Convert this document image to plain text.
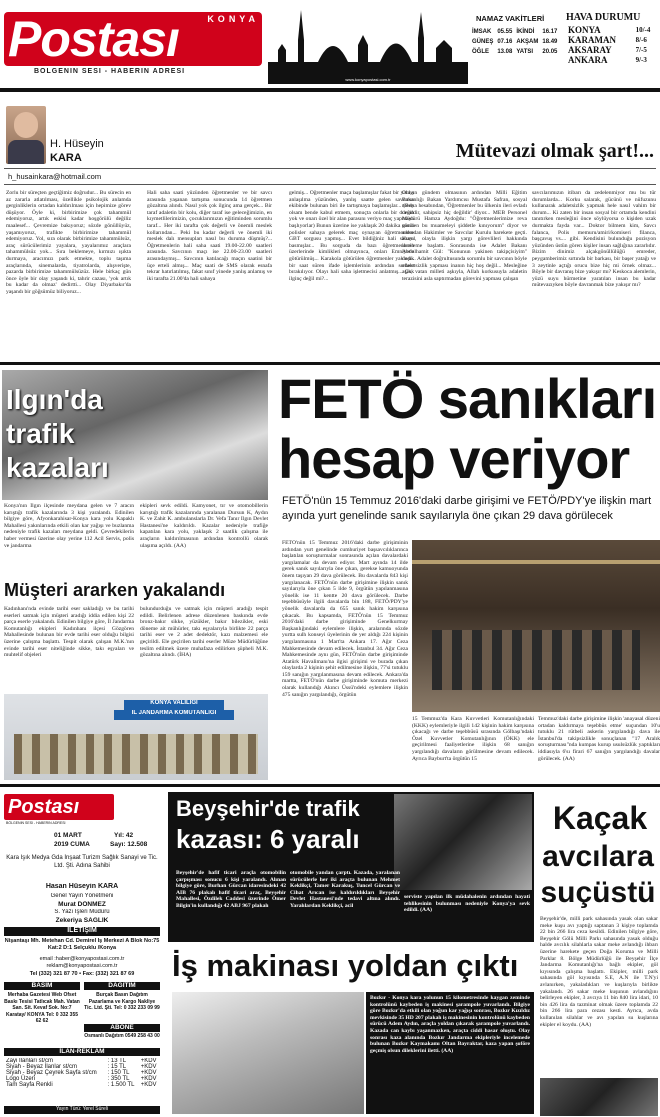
Postası	KONYA
BÖLGENİN SESİ - HABERİN ADRESİ
www.konyapostasi.com.tr
NAMAZ VAKİTLERİ
İMSAK	05.55	İKİNDİ	16.17
GÜNEŞ	07.16	AKŞAM	18.49
ÖĞLE	13.08	YATSI	20.05
HAVA DURUMU
KONYA	10/-4
KARAMAN	8/-6
AKSARAY	7/-5
ANKARA	9/-3
H. Hüseyin
KARA	Mütevazi olmak şart!...
h_husainkara@hotmail.com
Zorlu bir süreçten geçtiğimiz doğrudur... Bu sürecin en az zararla atlatılması, özellikle psikolojik anlamda gerginliklerin ortadan kaldırılması için hepimize görev düşüyor. Öyle ki, birbirimize çok tahammül edemiyoruz, artık eskisi kadar hoşgörülü değiliz maalesef... Çevremize bakıyoruz; sözde gönüllüyüz, yaşamıyoruz, trafikte birbirimize tahammül edemiyoruz. Yol, sıra olarak birbirimize tahammülsüz, araç sürücülerimiz yayalara, yayalarımız araçlara tahammülsüz yok... Sıra beklemeye, kırmızı ışıkta durmaya, aracımızı park etmekte, toplu taşıma araçlarında, sinemalarda, tiyatrolarda, alışverişte, pazarda birbirimize tahammülsüzüz. Hele birkaç gün önce öyle bir olay yaşandı ki, tahrir cazası, 'yok artık bu kadar da olmaz' dedirtti... Olay Diyarbakır'da yaşandı bir göğsümüz biliyoruz...
Hali saha saati yüzünden öğretmenler ve bir savcı arasında yaşanan tartışma sonucunda 14 öğretmen gözaltına alındı. Nasıl yok çok ilginç ama gerçek... Bir taraf adaletin bir kolu, diğer taraf ise geleceğimizin, en kıymetlilerimizin, çocuklarımızın eğitiminden sorumlu taraf... Her iki tarafta çok değerli ve önemli meslek kollarından... Peki bu kadar değerli ve önemli iki meslek dalı mensupları nasıl bu duruma düşmüş?... Öğretmenlerin hali saha saati 19.00-22.00 saatleri arasında. Savcının maçı ise 22.00-23.00 saatleri arasındaymış... Savcının katılacağı maçın saatini bir üçe erteli almış... Maç saati de SMS olarak esnafa tekrar hatırlatılmış, fakat sınıf yinede yanlış anlamış ve iki tarafta 21.00'da hali sahaya
gelmiş... Öğretmenler maça başlamışlar fakat bir yanlış anlaşılma yüzünden, yanlış saatte gelen savcının ekibinde bulunan biri ile tartışmaya başlamışlar... (Ben olsam bende kabul etmem, sonuçta onlarla bir durum yok ve onarı özel bir alan parasını veriyo maç yapmaya başlıyorlar) Bunun üzerine ise yaklaşık 20 dakika sonra polisler sahaya gelerek maç oynayan öğretmenlere GBT sorgusu yapmış... Evet bildiğiniz hali sahayı basmışlar... Bu sorguda da bazı öğretmenlerin üzerlerinde kimlikleri olmayınca, onları Emniyet'e götürülmüş... Karakola götürülen öğretmenler yaklaşık bir saat süren ifade işlemlerinin ardından serbest bırakılıyor. Olayı hali saha işletmecisi anlatmış... Çok ilginç değil mi?...
Olayın gündem olmasının ardından Milli Eğitim Bakanlığı Bakan Yardımcısı Mustafa Safran, sosyal medya hesabından, 'Öğretmenler bu ülkenin ileri evladı değildir, sahipsiz hiç değildir' diyor... MEB Personel Müdürü Hamza Aydoğdu: "Öğretmenlerimize reva görülen bu muameleyi şiddetle kınıyorum" diyor ve ardından Hakimler ve Savcılar Kurulu harekete geçti. Kurul, olayla ilişkin yargı görevlileri hakkında inceleme başlattı. Sonrasında ise Adalet Bakanı Abdulhamit Gül: "Konunun yakinen takipçisiyim" dedi... Adalet doğrultusunda sorumlu bir savcının böyle adaletsizlik yapması inanın hiç hoş değil... Mesleğine aşık, vatan milleti aşkıyla, Allah korkusuyla adaletin terazisini asla saptırmadan görevini yapması çalışan
savcılarımızın itibarı da zedelenmiyor mu bu tür durumlarda... Korku salarak, gücünü ve nüfuzunu kullanarak adaletsizlik yapmak hele nasıl vahim bir durum... Ki zaten bir insan sosyal bir ortamda kendini tanıtırken mesleğini önce söylüyorsa o kişiden uzak durmakta fayda var... Doktor bilmem kim, Savcı falanca, Polis memuru/amiri/komiseri filanca, başçavuş vs.... gibi. Kendisini bulunduğu pozisyon yüzünden üstün gören kişiler insan sağlığına zararlıdır. Bizim dinimiz alçakgönüllülüğü emreder, peygamberimiz sırtında bir barkası, bir başer yatağı ve 3 zeytinle açtığı orucu bize hiç mi örnek olmaz... Böyle bir davranış bize yakışır mı? Keskoca alemlerin, yüzü suyu hürmetine yaratılan insan bu kadar mütevazıyken böyle davranmak bize yakışır mı?
Ilgın'da
trafik
kazaları
Konya'nın Ilgın ilçesinde meydana gelen ve 7 aracın karıştığı trafik kazalarında 3 kişi yaralandı. Edinilen bilgiye göre, Afyonkarahisar-Konya kara yolu Kapaklı Mahallesi yakınlarında etkili olan kar yağışı ve buzlanma nedeniyle trafik kazaları meydana geldi. Çevredekilerin haber vermesi üzerine olay yerine 112 Acil Servis, polis ve jandarma
ekipleri sevk edildi. Kamyonet, tır ve otomobillerin karıştığı trafik kazalarında yaralanan Dursun K, Aydın K. ve Zahit K. ambulanslarla Dr. Vefa Tanır Ilgın Devlet Hastanesi'ne kaldırıldı. Kazalar nedeniyle trafiğe kapatılan kara yolu, yaklaşık 2 saatlik çalışma ile araçların kaldırılmasının ardından kontrollü olarak ulaşıma açıldı. (AA)
Müşteri ararken yakalandı
Kadınhanı'nda evinde tarihi eser sakladığı ve bu tarihi eserleri satmak için müşteri aradığı iddia edilen kişi 22 parça eserle yakalandı. Edinilen bilgiye göre, İl Jandarma Komutanlığı ekipleri Kadınhanı ilçesi Gözgören Mahallesinde bulunan bir evde tarihi eser olduğu bilgisi üzerine çalışma başlattı. Tespit olarak çalışan M.K.'nın evinde tarihi eser niteliğinde sikke, takı eşyaları ve muhtelif objeleri
bulundurduğu ve satmak için müşteri aradığı tespit edildi. Belirlenen adrese düzenlenen baskında evde bronz-bakır sikke, yüzükler, bakır bilezikler, eski döneme ait mühürler, takı eşyalarıyla birlikte 22 parça tarihi eser ve 2 adet dedektör, kazı malzemesi ele geçirildi. Ele geçirilen tarihi eserler Müze Müdürlüğüne teslim edilmek üzere muhafaza edilirken şüpheli M.K. gözaltına alındı. (İHA)
KONYA VALİLİĞİ
İL JANDARMA KOMUTANLIĞI
FETÖ sanıkları
hesap veriyor
FETÖ'nün 15 Temmuz 2016'daki darbe girişimi ve FETÖ/PDY'ye ilişkin mart ayında yurt genelinde sanık sayılarıyla öne çıkan 29 dava görülecek
FETÖ'nün 15 Temmuz 2016'daki darbe girişiminin ardından yurt genelinde cumhuriyet başsavcılıklarınca başlatılan soruşturmalar sonrasında açılan davalardaki yargılamalar da devam ediyor. Mart ayında 14 ilde gerek sanık sayılarıyla öne çıkan, gerekse kamuoyunda önem taşıyan 29 dava görülecek. Bu davalarda 843 kişi yargılanacak. FETÖ'nün darbe girişimine ilişkin sanık sayılarıyla öne çıkan 5 ilde 9, örgütün yapılanmasına yönelik ise 11 kentte 20 dava görülecek. Darbe teşebbüsüyle ilgili davalarda bin 188, FETÖ/PDY'ye yönelik davalarda da 655 sanık hakim karşısına çıkacak. Bu kapsamda, FETÖ'nün 15 Temmuz 2016'daki darbe girişiminde Genelkurmay Başkanlığındaki eylemlere ilişkin, aralarında sözde yurtta sulh konseyi üyelerinin de yer aldığı 224 kişinin yargılanmasına 1 Mart'ta Ankara 17. Ağır Ceza Mahkemesinde devam edilecek. İstanbul 34. Ağır Ceza Mahkemesinde aynı gün, FETÖ'nün darbe girişiminde Atatürk Havalimanı'na ilgisi girişimi ve burada çıkan olaylarda 2 kişinin şehit edilmesine ilişkin, 77'si tutuklu 159 sanığın yargılanmasına devam edilecek. Ankara'da martta, FETÖ'nün darbe girişiminde komuta merkezi olarak kullandığı Akıncı Üssü'ndeki eylemlere ilişkin 475 sanığın yargılandığı, örgütün
15 Temmuz'da Kara Kuvvetleri Komutanlığındaki (KKK) eylemleriyle ilgili 142 kişinin hakim karşısına çıkacağı ve darbe teşebbüsü sırasında Gölbaşı'ndaki Özel Kuvvetler Komutanlığının (ÖKK) ele geçirilmesi faaliyetlerine ilişkin 68 sanığın yargılandığı davaların görülmesine devam edilecek. Ayrıca Bayburt'ta örgütün 15
Temmuz'daki darbe girişimine ilişkin 'anayasal düzeni ortadan kaldırmaya teşebbüs etme' suçundan 10'u tutuklu 21 rütbeli askerin yargılandığı dava ile İstanbul'da takipsizlikle sonuçlanan "17 Aralık soruşturması"nda kumpas kurup usulsüzlük yaptıkları iddiasıyla 6'sı firari 67 sanığın yargılandığı davalar görülecek. (AA)
Postası
BÖLGENİN SESİ - HABERİN ADRESİ
01 MART	Yıl: 42
2019 CUMA	Sayı: 12.508
Kara Işık Medya Gda İnşaat Turizm Sağlık Sanayi ve Tic. Ltd. Şti. Adına Sahibi
Hasan Hüseyin KARA
Genel Yayın Yönetmeni
Murat DÖNMEZ
S. Yazı İşleri Müdürü
Zekeriya SAĞLIK
İLETİŞİM
Nişantaşı Mh. Metehan Cd. Demirel İş Merkezi A Blok No:75 Kat:2 D:1 Selçuklu /Konya
email :haber@konyapostasi.com.tr
reklam@konyapostasi.com.tr
Tel (332) 321 87 70 • Fax: (332) 321 87 69
BASIM	DAĞITIM
Merhaba Gazetesi Web Ofset Baskı Tesisi Tatlıcak Mah. Vatan San. Sit. Kevaf Sok. No:7 Karatay/ KONYA Tel: 0 332 355 62 62
Burçak Basın Dağıtım Pazarlama ve Kargo Nakliye Tic. Ltd. Şti. Tel: 0 332 233 09 99
ABONE
Osmanlı Dağıtım 0549 258 43 00
İLAN-REKLAM
Zayi İlanları st/cm	: 13 TL	+KDV
Siyah - Beyaz İlanlar st/cm	: 15 TL	+KDV
Siyah - Beyaz Çeyrek Sayfa st/cm	: 150 TL	+KDV
Logo Üzeri	: 350 TL	+KDV
Tam Sayfa Renkli	: 1.500 TL	+KDV
Yayın Türü: Yerel Süreli
Beyşehir'de trafik
kazası: 6 yaralı
Beyşehir'de hafif ticari araçla otomobilin çarpışması sonucu 6 kişi yaralandı. Alınan bilgiye göre, Burhan Gürcan idaresindeki 42 AIB 76 plakalı hafif ticari araç, Beyşehir Mahallesi, Özdilek Caddesi üzerinde Ömer Bilgin'in kullandığı 42 ABJ 967 plakalı
otomobile yandan çarptı. Kazada, yaralanan sürücülerle her iki araçta bulunan Mehmet Keklikçi, Tamer Karakuş, Tuncel Gürcan ve Cihat Arıcan ise kaldırıldıkları Beyşehir Devlet Hastanesi'nde tedavi altına alındı. Yaralılardan Keklikçi, acil
serviste yapılan ilk müdahalenin ardından hayati tehlikesinin bulunması nedeniyle Konya'ya sevk edildi. (AA)
İş makinası yoldan çıktı
Bozkır - Konya kara yolunun 15 kilometresinde kaygan zeminde kontrolünü kaybeden iş makinesi şarampole yuvarlandı. Bilgiye göre Bozkır'da etkili olan yoğun kar yağışı sonrası, Bozkır Kızıldız mevkisinde 35 HD 207 plakalı iş makinesinin kontrolünü kaybeden sürücü Adem Aydın, araçla yoldan çıkarak şarampole yuvarlandı. Kazada can kaybı yaşanmazken, araçta ciddi hasar oluştu. Olay sonrası kaza alanında Bozkır Jandarma ekipleriyle incelemede bulunan Bozkır Kaymakamı Oltan Bayraktar, kaza yapan şoföre geçmiş olsun dileklerini iletti. (AA)
Kaçak
avcılara
suçüstü
Beyşehir'de, milli park sahasında yasak olan sakar meke kuşu avı yaptığı saptanan 3 kişiye toplamda 22 bin 266 lira ceza kesildi. Edinilen bilgiye göre, Beyşehir Gölü Milli Parkı sahasında yasak olduğu halde avcılık silahlarla sakar meke avlandığı ihbarı üzerine harekete geçen Doğa Koruma ve Milli Parklar 8. Bölge Müdürlüğü ile Beyşehir İlçe Jandarma Komutanlığı'na bağlı ekipler, göl kıyısında çalışma başlattı. Ekipler, milli park sahasında göl kıyısında S.E, A.N ile T.N'yi avlanırken, yakaladıkları ve kuşlarıyla birlikte yakalandı. 26 sakar meke kuşunun avlandığını belirleyen ekipler, 3 avcıya 11 bin 840 lira idari, 10 bin 426 lira da tazminat olmak üzere toplamda 22 bin 266 lira para cezası kesti. Ayrıca, avda kullanılan silahlar ve avı yapılan su kuşlarına ekipler el koydu. (AA)
